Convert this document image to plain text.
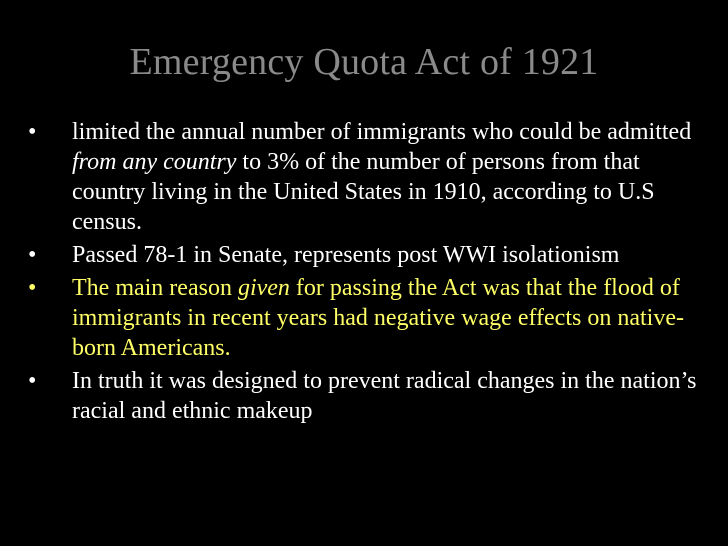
Emergency Quota Act of 1921
•	limited the annual number of immigrants who could be admitted from any country to 3% of the number of persons from that country living in the United States in 1910, according to U.S census.
•	Passed 78-1 in Senate, represents post WWI isolationism
•	The main reason given for passing the Act was that the flood of immigrants in recent years had negative wage effects on native-born Americans.
•	In truth it was designed to prevent radical changes in the nation’s racial and ethnic makeup
